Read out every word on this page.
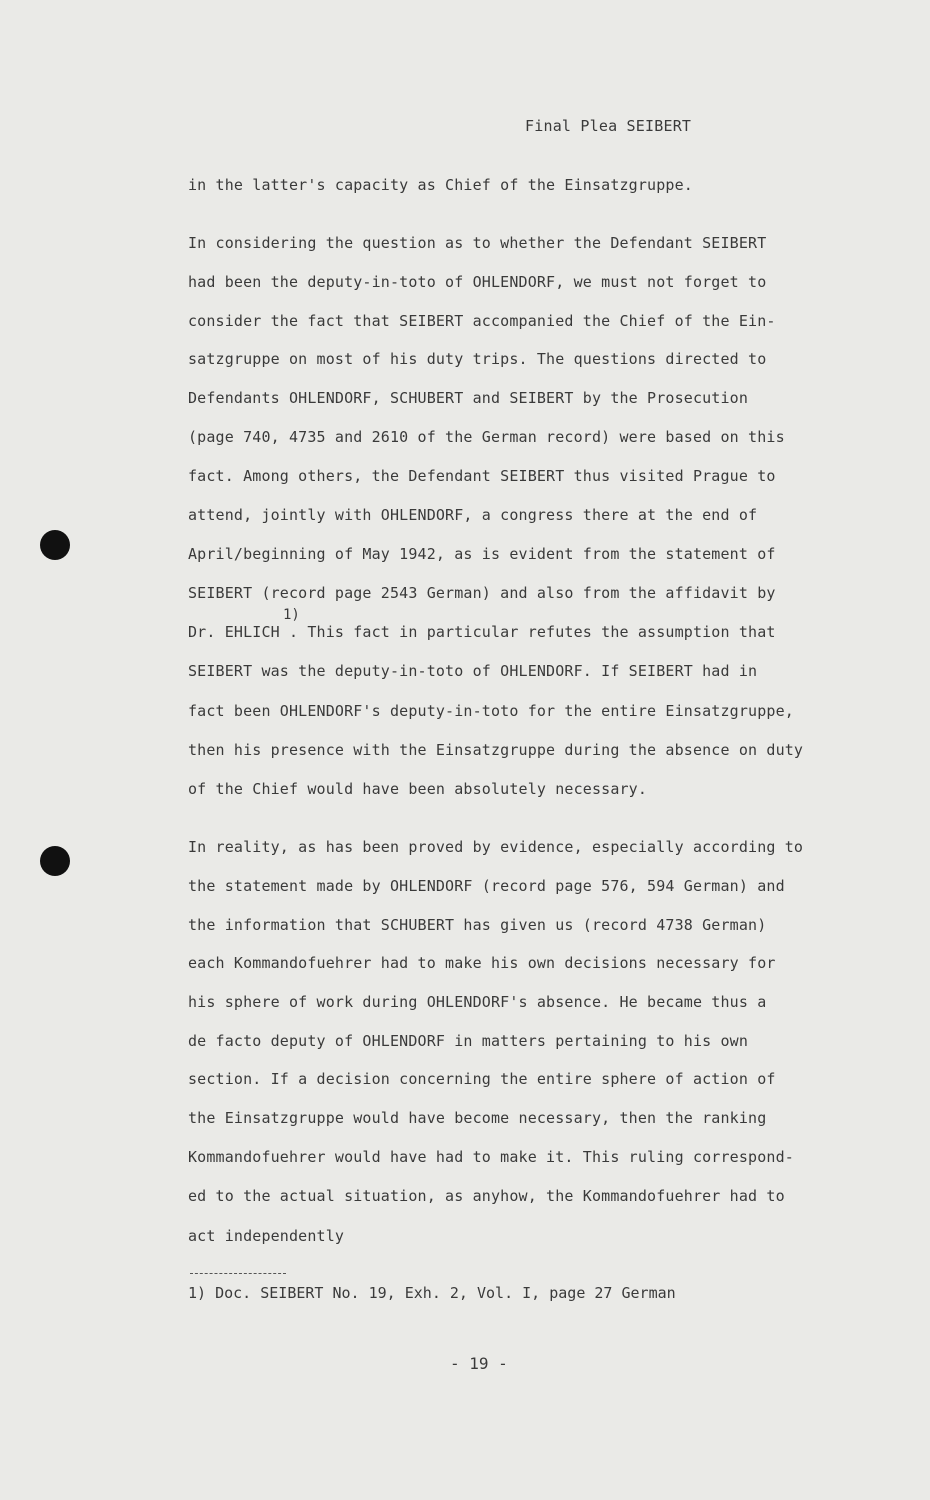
Final Plea SEIBERT
in the latter's capacity as Chief of the Einsatzgruppe.
In considering the question as to whether the Defendant SEIBERT
had been the deputy-in-toto of OHLENDORF, we must not forget to
consider the fact that SEIBERT accompanied the Chief of the Ein-
satzgruppe on most of his duty trips. The questions directed to
Defendants OHLENDORF, SCHUBERT and SEIBERT by the Prosecution
(page 740, 4735 and 2610 of the German record) were based on this
fact. Among others, the Defendant SEIBERT thus visited Prague to
attend, jointly with OHLENDORF, a congress there at the end of
April/beginning of May 1942, as is evident from the statement of
SEIBERT (record page 2543 German) and also from the affidavit by
1)
Dr. EHLICH . This fact in particular refutes the assumption that
SEIBERT was the deputy-in-toto of OHLENDORF. If SEIBERT had in
fact been OHLENDORF's deputy-in-toto for the entire Einsatzgruppe,
then his presence with the Einsatzgruppe during the absence on duty
of the Chief would have been absolutely necessary.
In reality, as has been proved by evidence, especially according to
the statement made by OHLENDORF (record page 576, 594 German) and
the information that SCHUBERT has given us (record 4738 German)
each Kommandofuehrer had to make his own decisions necessary for
his sphere of work during OHLENDORF's absence. He became thus a
de facto deputy of OHLENDORF in matters pertaining to his own
section. If a decision concerning the entire sphere of action of
the Einsatzgruppe would have become necessary, then the ranking
Kommandofuehrer would have had to make it. This ruling correspond-
ed to the actual situation, as anyhow, the Kommandofuehrer had to
act independently
1) Doc. SEIBERT No. 19, Exh. 2, Vol. I, page 27 German
- 19 -
